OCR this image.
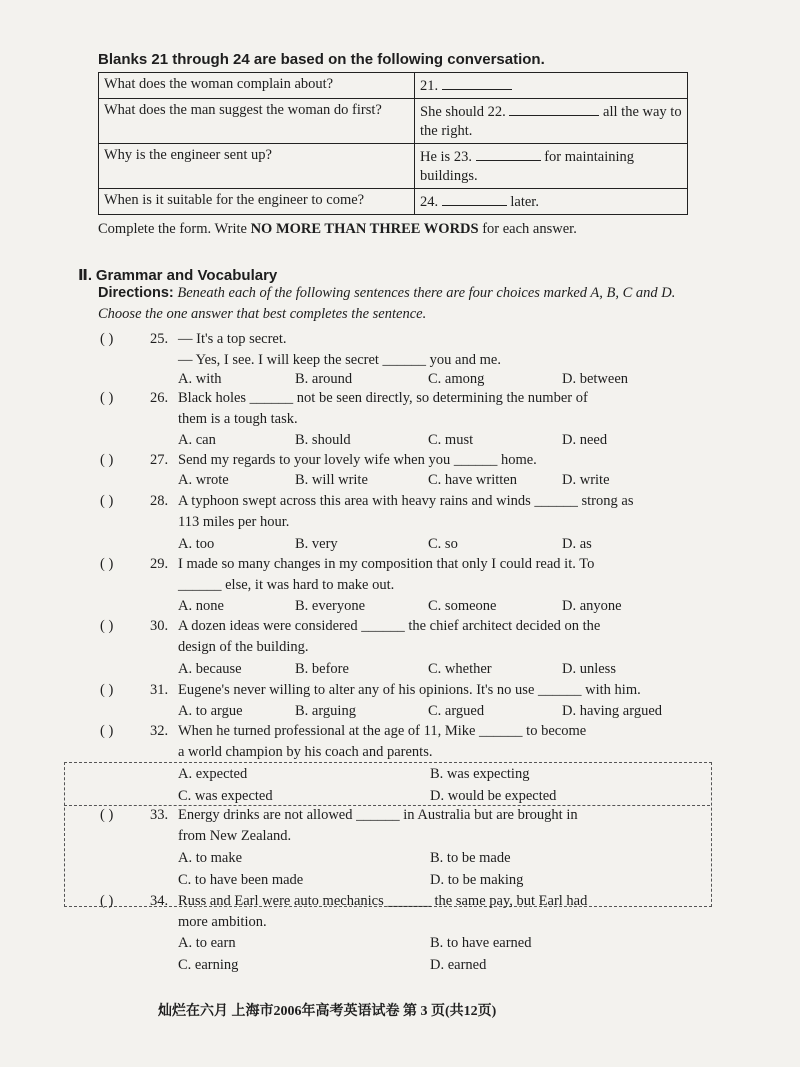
Blanks 21 through 24 are based on the following conversation.
What does the woman complain about?	21.
What does the man suggest the woman do first?	She should 22. all the way to the right.
Why is the engineer sent up?	He is 23. for maintaining buildings.
When is it suitable for the engineer to come?	24. later.
Complete the form. Write NO MORE THAN THREE WORDS for each answer.
Ⅱ. Grammar and Vocabulary
Directions: Beneath each of the following sentences there are four choices marked A, B, C and D. Choose the one answer that best completes the sentence.
( )	25. — It's a top secret.
— Yes, I see. I will keep the secret ______ you and me.
A. with	B. around	C. among	D. between
( )	26. Black holes ______ not be seen directly, so determining the number of
them is a tough task.
A. can	B. should	C. must	D. need
( )	27. Send my regards to your lovely wife when you ______ home.
A. wrote	B. will write	C. have written	D. write
( )	28. A typhoon swept across this area with heavy rains and winds ______ strong as
113 miles per hour.
A. too	B. very	C. so	D. as
( )	29. I made so many changes in my composition that only I could read it. To
______ else, it was hard to make out.
A. none	B. everyone	C. someone	D. anyone
( )	30. A dozen ideas were considered ______ the chief architect decided on the
design of the building.
A. because	B. before	C. whether	D. unless
( )	31. Eugene's never willing to alter any of his opinions. It's no use ______ with him.
A. to argue	B. arguing	C. argued	D. having argued
( )	32. When he turned professional at the age of 11, Mike ______ to become
a world champion by his coach and parents.
A. expected	B. was expecting
C. was expected	D. would be expected
( )	33. Energy drinks are not allowed ______ in Australia but are brought in
from New Zealand.
A. to make	B. to be made
C. to have been made	D. to be making
( )	34. Russ and Earl were auto mechanics ______ the same pay, but Earl had
more ambition.
A. to earn	B. to have earned
C. earning	D. earned
灿烂在六月 上海市2006年高考英语试卷 第 3 页(共12页)
